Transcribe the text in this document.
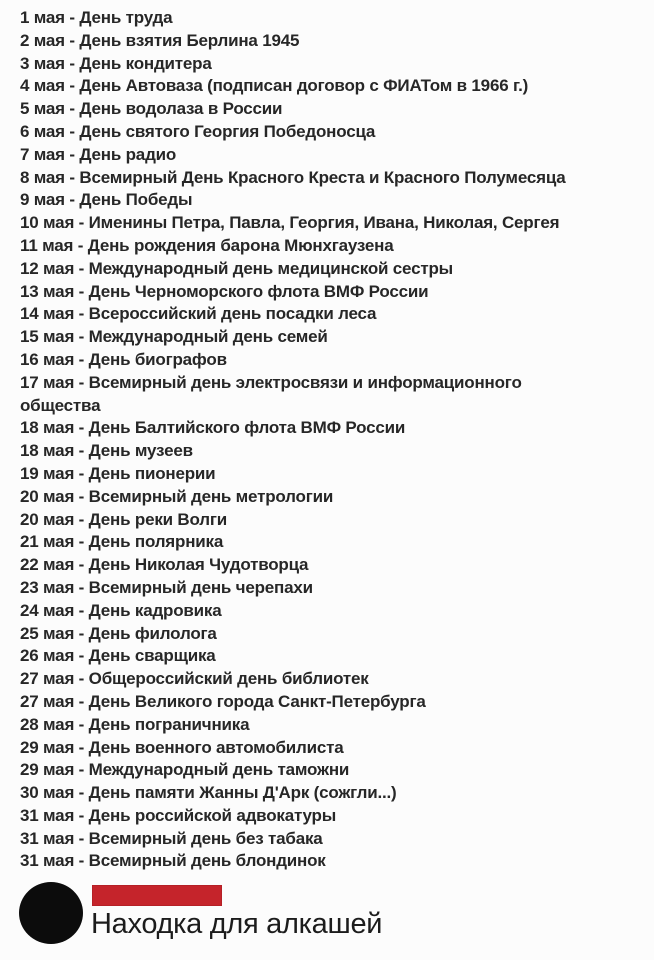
1 мая - День труда
2 мая - День взятия Берлина 1945
3 мая - День кондитера
4 мая - День Автоваза (подписан договор с ФИАТом в 1966 г.)
5 мая - День водолаза в России
6 мая - День святого Георгия Победоносца
7 мая - День радио
8 мая - Всемирный День Красного Креста и Красного Полумесяца
9 мая - День Победы
10 мая - Именины Петра, Павла, Георгия, Ивана, Николая, Сергея
11 мая - День рождения барона Мюнхгаузена
12 мая - Международный день медицинской сестры
13 мая - День Черноморского флота ВМФ России
14 мая - Всероссийский день посадки леса
15 мая - Международный день семей
16 мая - День биографов
17 мая - Всемирный день электросвязи и информационного
общества
18 мая - День Балтийского флота ВМФ России
18 мая - День музеев
19 мая - День пионерии
20 мая - Всемирный день метрологии
20 мая - День реки Волги
21 мая - День полярника
22 мая - День Николая Чудотворца
23 мая - Всемирный день черепахи
24 мая - День кадровика
25 мая - День филолога
26 мая - День сварщика
27 мая - Общероссийский день библиотек
27 мая - День Великого города Санкт-Петербурга
28 мая - День пограничника
29 мая - День военного автомобилиста
29 мая - Международный день таможни
30 мая - День памяти Жанны Д'Арк (сожгли...)
31 мая - День российской адвокатуры
31 мая - Всемирный день без табака
31 мая - Всемирный день блондинок
Находка для алкашей
